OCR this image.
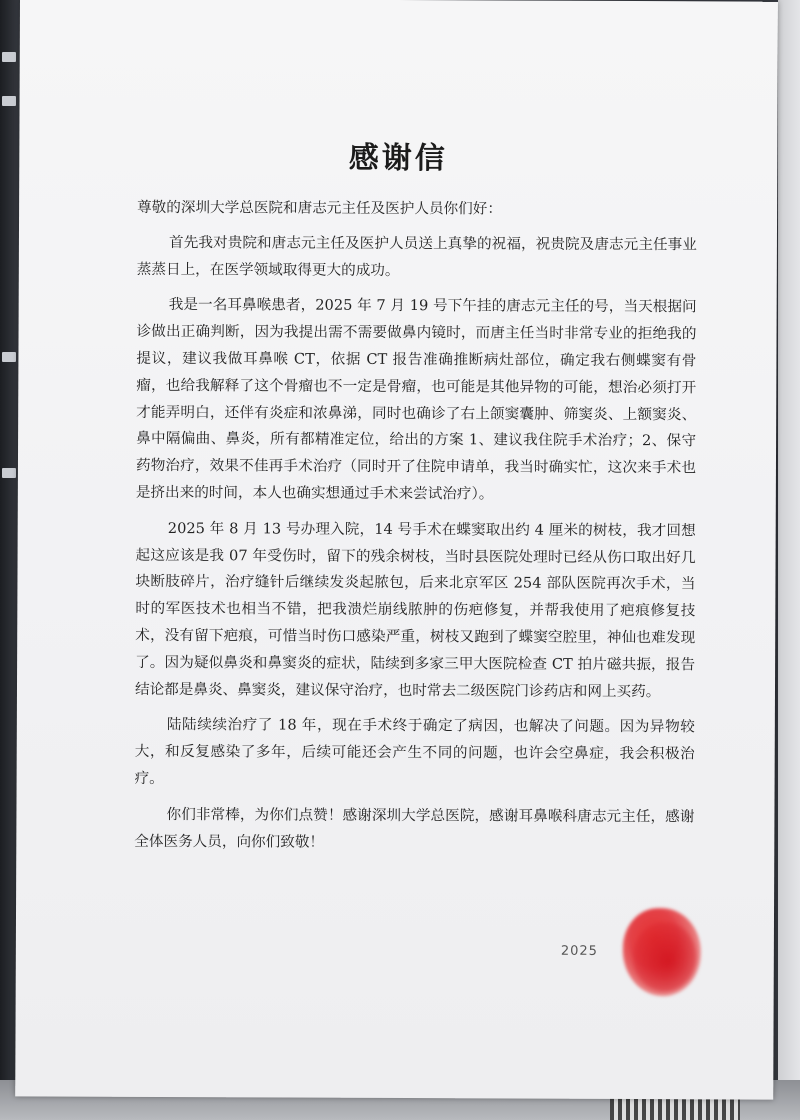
感谢信

尊敬的深圳大学总医院和唐志元主任及医护人员你们好：

首先我对贵院和唐志元主任及医护人员送上真挚的祝福，祝贵院及唐志元主任事业蒸蒸日上，在医学领域取得更大的成功。

我是一名耳鼻喉患者，2025 年 7 月 19 号下午挂的唐志元主任的号，当天根据问诊做出正确判断，因为我提出需不需要做鼻内镜时，而唐主任当时非常专业的拒绝我的提议，建议我做耳鼻喉 CT，依据 CT 报告准确推断病灶部位，确定我右侧蝶窦有骨瘤，也给我解释了这个骨瘤也不一定是骨瘤，也可能是其他异物的可能，想治必须打开才能弄明白，还伴有炎症和浓鼻涕，同时也确诊了右上颌窦囊肿、筛窦炎、上额窦炎、鼻中隔偏曲、鼻炎，所有都精准定位，给出的方案 1、建议我住院手术治疗；2、保守药物治疗，效果不佳再手术治疗（同时开了住院申请单，我当时确实忙，这次来手术也是挤出来的时间，本人也确实想通过手术来尝试治疗）。

2025 年 8 月 13 号办理入院，14 号手术在蝶窦取出约 4 厘米的树枝，我才回想起这应该是我 07 年受伤时，留下的残余树枝，当时县医院处理时已经从伤口取出好几块断肢碎片，治疗缝针后继续发炎起脓包，后来北京军区 254 部队医院再次手术，当时的军医技术也相当不错，把我溃烂崩线脓肿的伤疤修复，并帮我使用了疤痕修复技术，没有留下疤痕，可惜当时伤口感染严重，树枝又跑到了蝶窦空腔里，神仙也难发现了。因为疑似鼻炎和鼻窦炎的症状，陆续到多家三甲大医院检查 CT 拍片磁共振，报告结论都是鼻炎、鼻窦炎，建议保守治疗，也时常去二级医院门诊药店和网上买药。

陆陆续续治疗了 18 年，现在手术终于确定了病因，也解决了问题。因为异物较大，和反复感染了多年，后续可能还会产生不同的问题，也许会空鼻症，我会积极治疗。

你们非常棒，为你们点赞！感谢深圳大学总医院，感谢耳鼻喉科唐志元主任，感谢全体医务人员，向你们致敬！

2025
